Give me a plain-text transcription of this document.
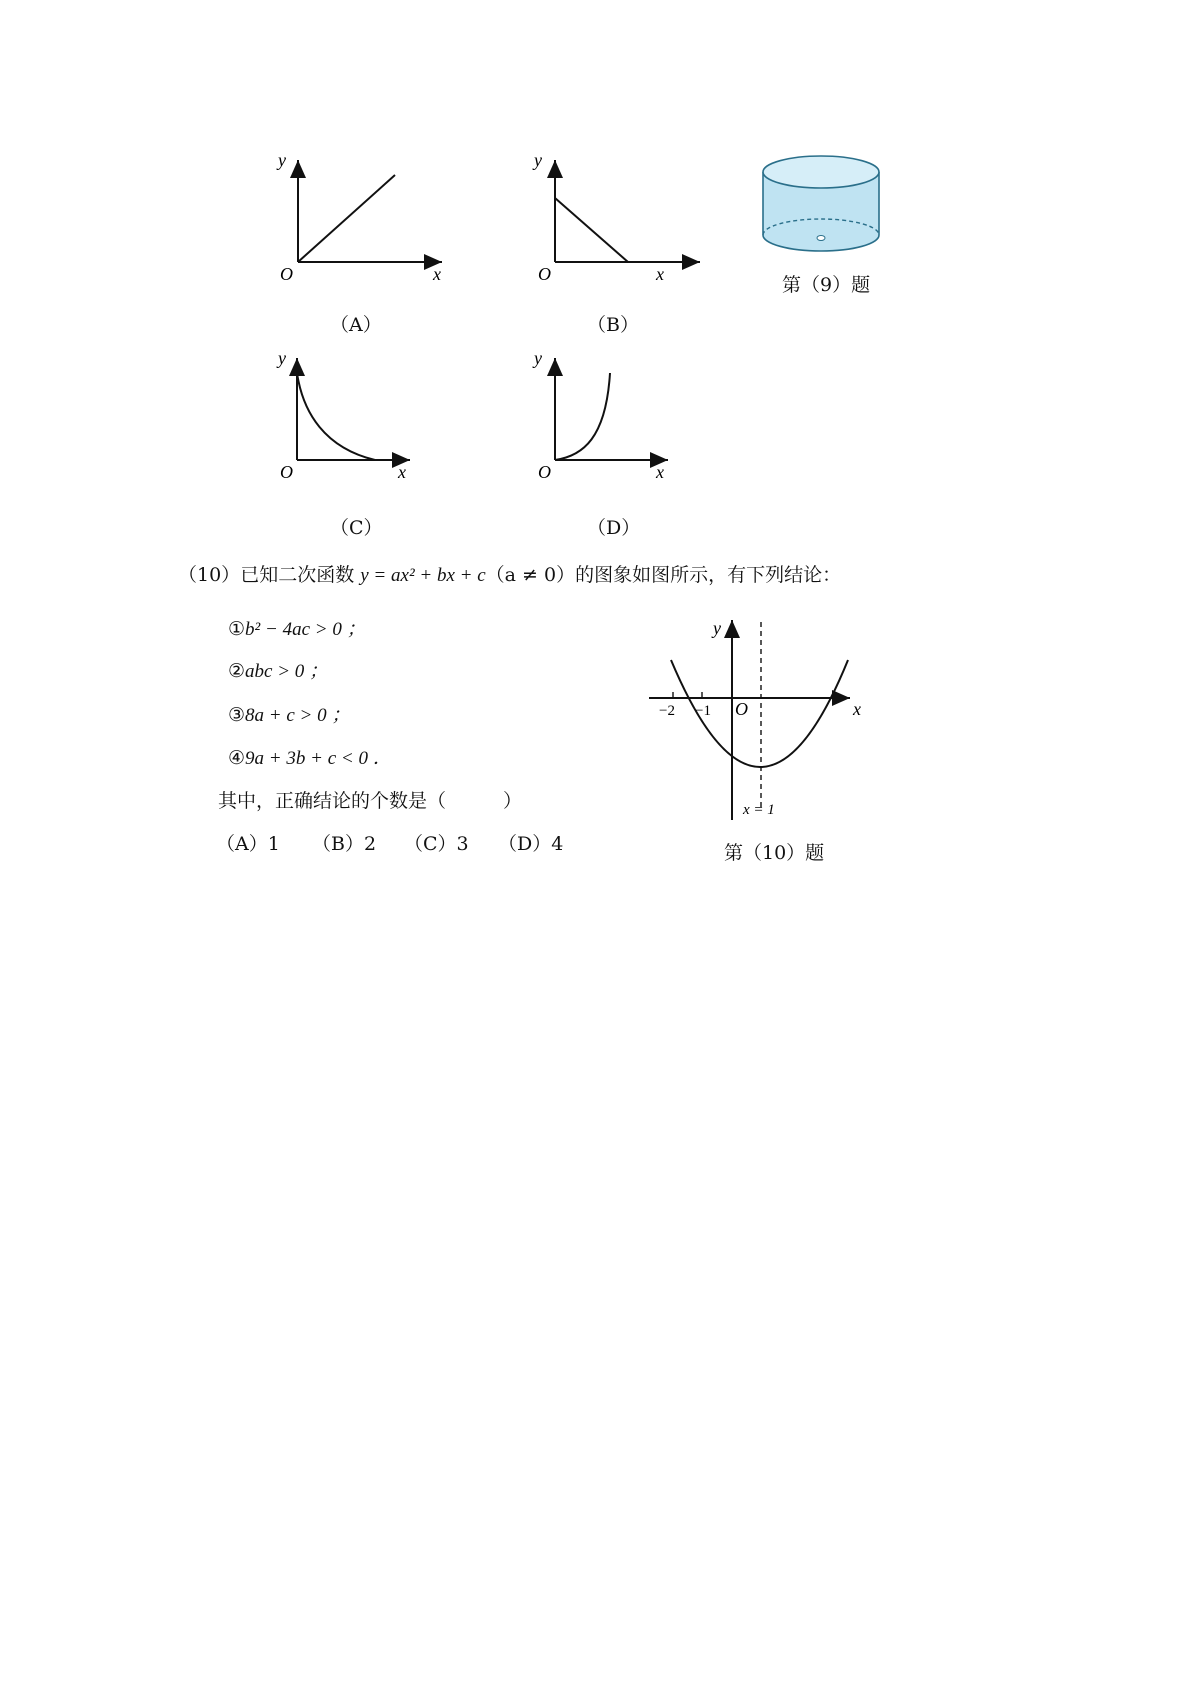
y
x
O
（A）
y
x
O
（B）
第（9）题
y
x
O
（C）
y
x
O
（D）
（10）已知二次函数 y = ax² + bx + c（a ≠ 0）的图象如图所示，有下列结论：
①b² − 4ac > 0 ；
②abc > 0 ；
③8a + c > 0 ；
④9a + 3b + c < 0 ．
其中，正确结论的个数是（　　　）
（A）1 （B）2 （C）3 （D）4
y
x
O
−2 −1
x = 1
第（10）题
